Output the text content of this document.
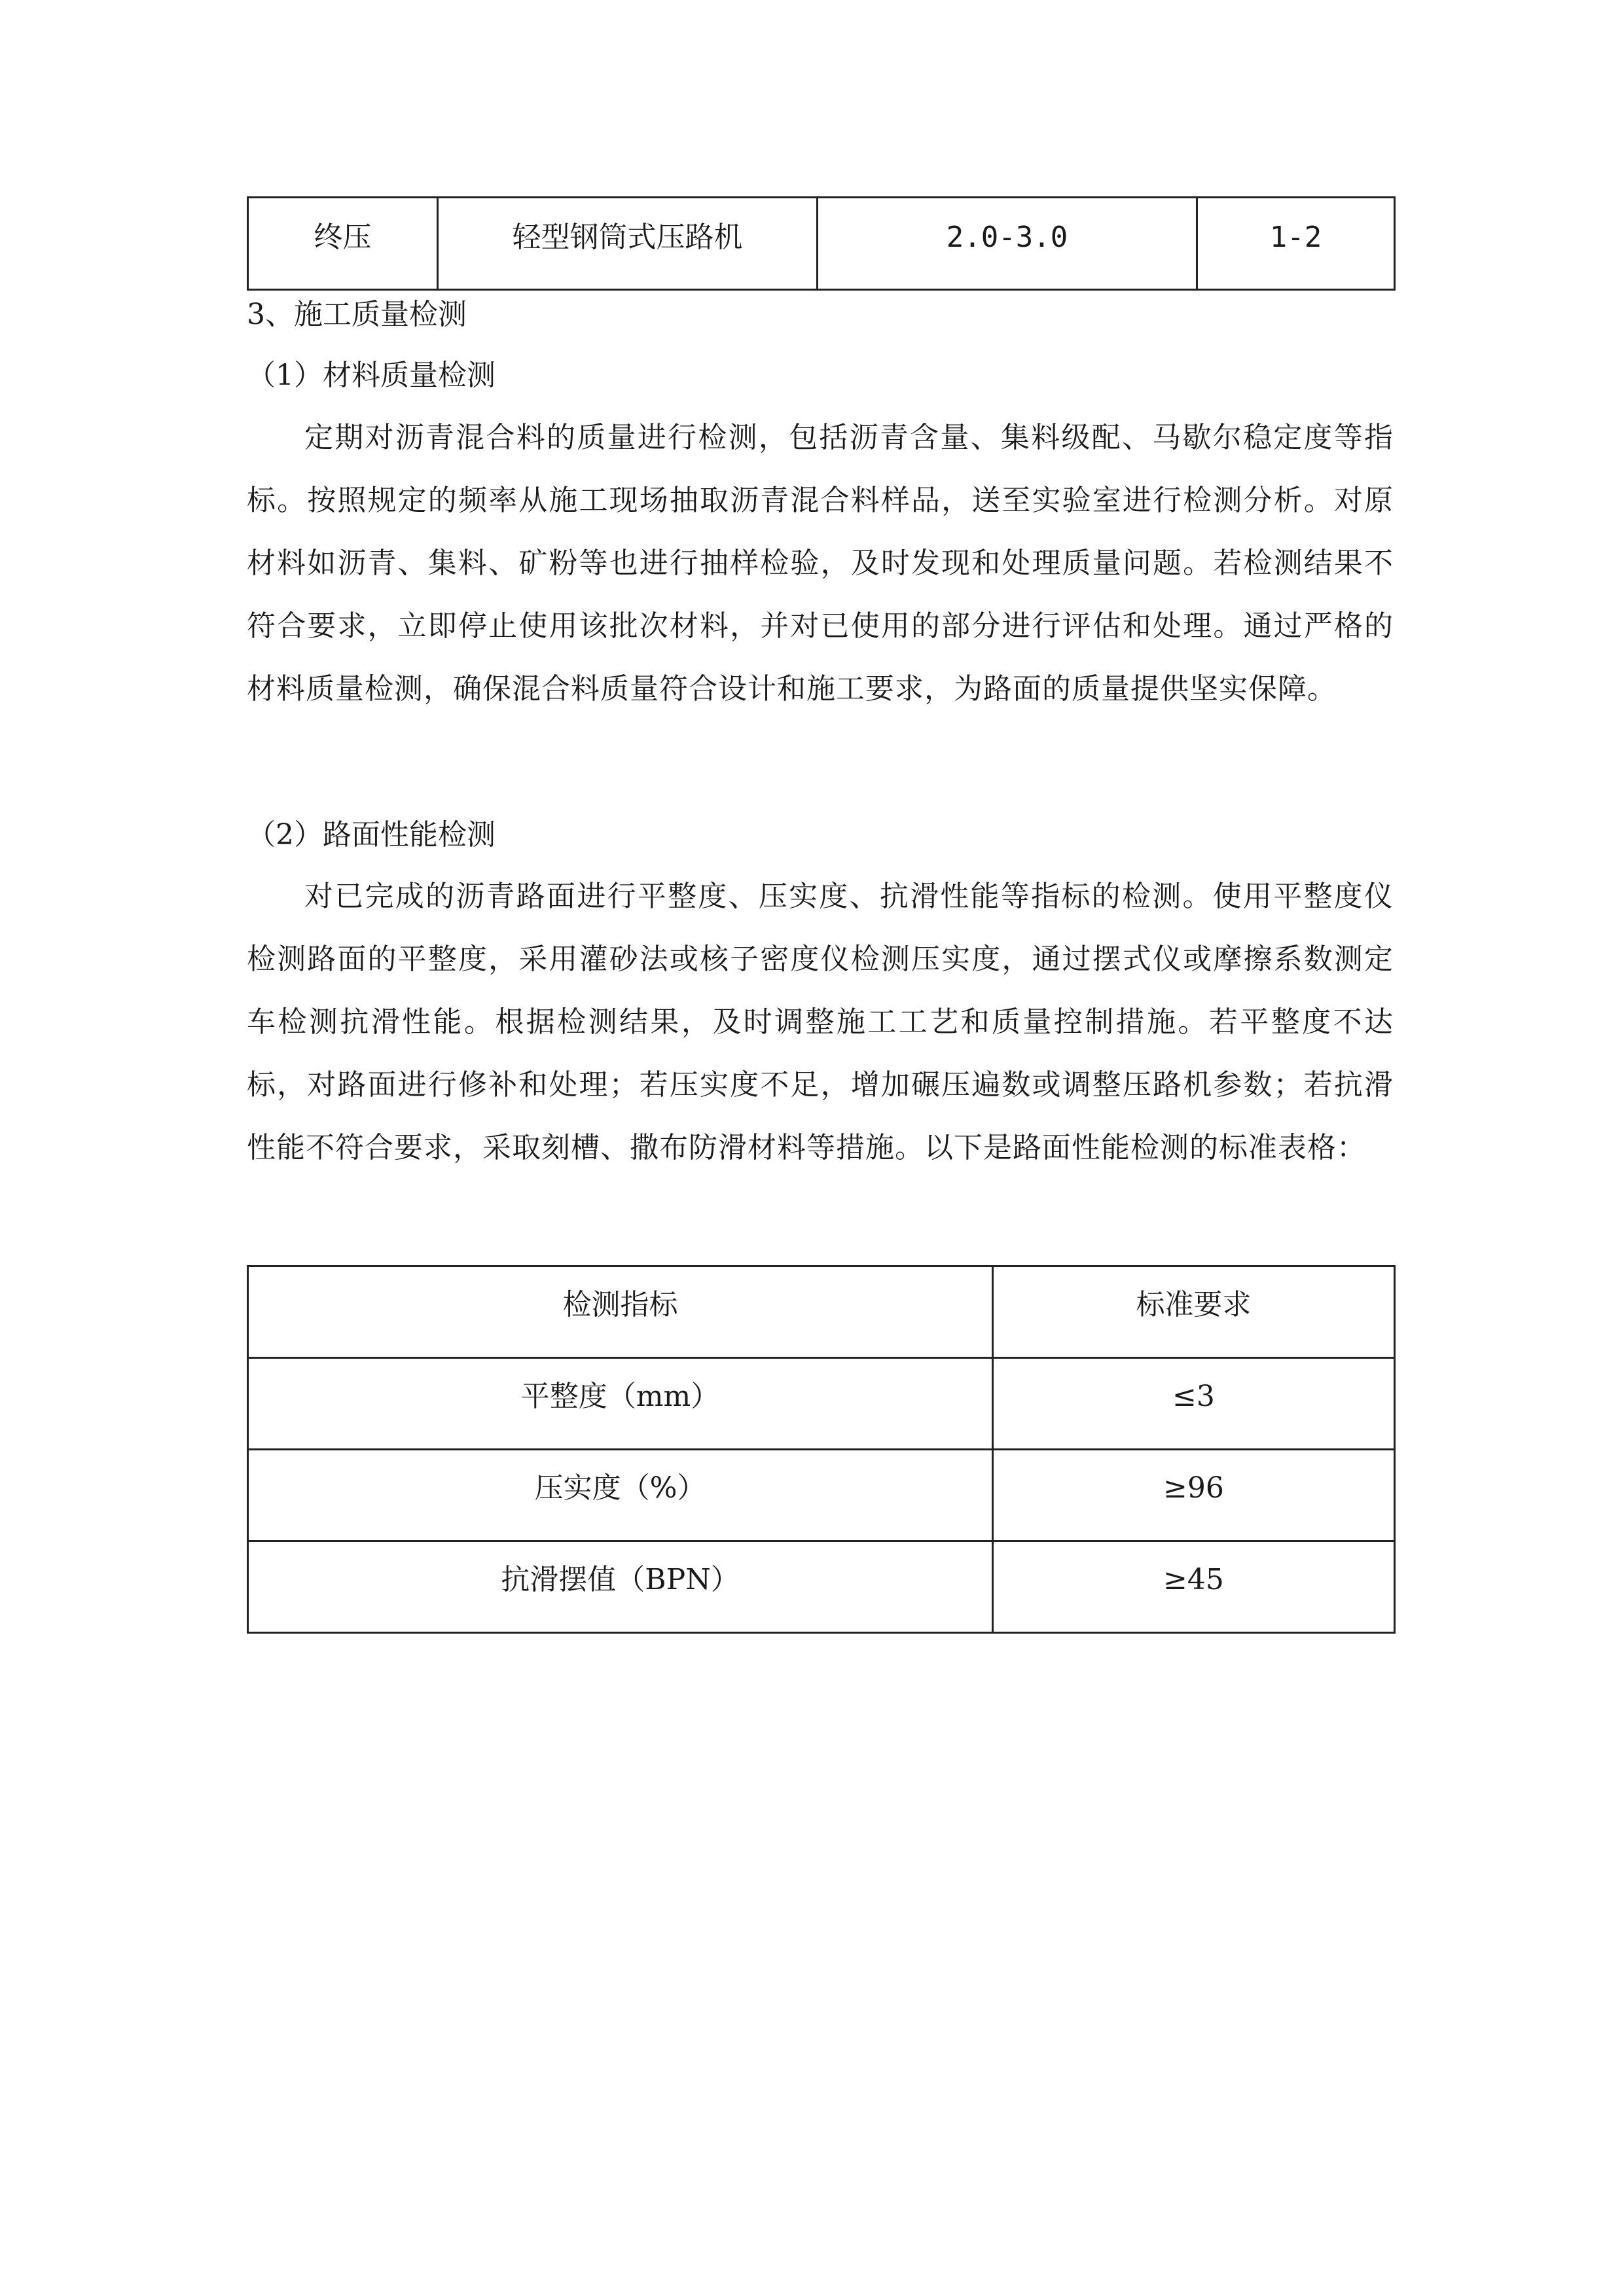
终压	轻型钢筒式压路机	2.0-3.0	1-2
3、施工质量检测
（1）材料质量检测

定期对沥青混合料的质量进行检测，包括沥青含量、集料级配、马歇尔稳定度等指标。按照规定的频率从施工现场抽取沥青混合料样品，送至实验室进行检测分析。对原材料如沥青、集料、矿粉等也进行抽样检验，及时发现和处理质量问题。若检测结果不符合要求，立即停止使用该批次材料，并对已使用的部分进行评估和处理。通过严格的材料质量检测，确保混合料质量符合设计和施工要求，为路面的质量提供坚实保障。

（2）路面性能检测

对已完成的沥青路面进行平整度、压实度、抗滑性能等指标的检测。使用平整度仪检测路面的平整度，采用灌砂法或核子密度仪检测压实度，通过摆式仪或摩擦系数测定车检测抗滑性能。根据检测结果，及时调整施工工艺和质量控制措施。若平整度不达标，对路面进行修补和处理；若压实度不足，增加碾压遍数或调整压路机参数；若抗滑性能不符合要求，采取刻槽、撒布防滑材料等措施。以下是路面性能检测的标准表格：

检测指标	标准要求
平整度（mm）	≤3
压实度（%）	≥96
抗滑摆值（BPN）	≥45
